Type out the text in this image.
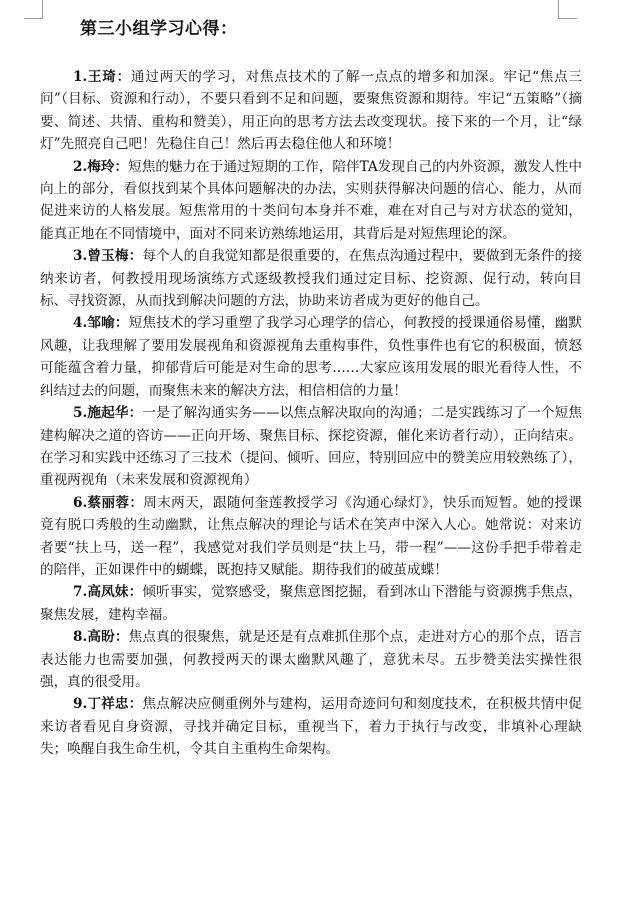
第三小组学习心得：

1.王琦：通过两天的学习，对焦点技术的了解一点点的增多和加深。牢记“焦点三问”（目标、资源和行动），不要只看到不足和问题，要聚焦资源和期待。牢记“五策略”（摘要、简述、共情、重构和赞美），用正向的思考方法去改变现状。接下来的一个月，让“绿灯”先照亮自己吧！先稳住自己！然后再去稳住他人和环境！

2.梅玲：短焦的魅力在于通过短期的工作，陪伴TA发现自己的内外资源，激发人性中向上的部分，看似找到某个具体问题解决的办法，实则获得解决问题的信心、能力，从而促进来访的人格发展。短焦常用的十类问句本身并不难，难在对自己与对方状态的觉知，能真正地在不同情境中，面对不同来访熟练地运用，其背后是对短焦理论的深。

3.曾玉梅：每个人的自我觉知都是很重要的，在焦点沟通过程中，要做到无条件的接纳来访者，何教授用现场演练方式逐级教授我们通过定目标、挖资源、促行动，转向目标、寻找资源，从而找到解决问题的方法，协助来访者成为更好的他自己。

4.邹喻：短焦技术的学习重塑了我学习心理学的信心，何教授的授课通俗易懂，幽默风趣，让我理解了要用发展视角和资源视角去重构事件，负性事件也有它的积极面，愤怒可能蕴含着力量，抑郁背后可能是对生命的思考……大家应该用发展的眼光看待人性，不纠结过去的问题，而聚焦未来的解决方法，相信相信的力量！

5.施起华：一是了解沟通实务——以焦点解决取向的沟通；二是实践练习了一个短焦建构解决之道的咨访——正向开场、聚焦目标、探挖资源，催化来访者行动），正向结束。在学习和实践中还练习了三技术（提问、倾听、回应，特别回应中的赞美应用较熟练了），重视两视角（未来发展和资源视角）

6.蔡丽蓉：周末两天，跟随何奎莲教授学习《沟通心绿灯》，快乐而短暂。她的授课竟有脱口秀般的生动幽默，让焦点解决的理论与话术在笑声中深入人心。她常说：对来访者要“扶上马，送一程”，我感觉对我们学员则是“扶上马，带一程”——这份手把手带着走的陪伴，正如课件中的蝴蝶，既抱持又赋能。期待我们的破茧成蝶！

7.高凤妹：倾听事实，觉察感受，聚焦意图挖掘，看到冰山下潜能与资源携手焦点，聚焦发展，建构幸福。

8.高盼：焦点真的很聚焦，就是还是有点难抓住那个点，走进对方心的那个点，语言表达能力也需要加强，何教授两天的课太幽默风趣了，意犹未尽。五步赞美法实操性很强，真的很受用。

9.丁祥忠：焦点解决应侧重例外与建构，运用奇迹问句和刻度技术，在积极共情中促来访者看见自身资源，寻找并确定目标，重视当下，着力于执行与改变，非填补心理缺失；唤醒自我生命生机，令其自主重构生命架构。
